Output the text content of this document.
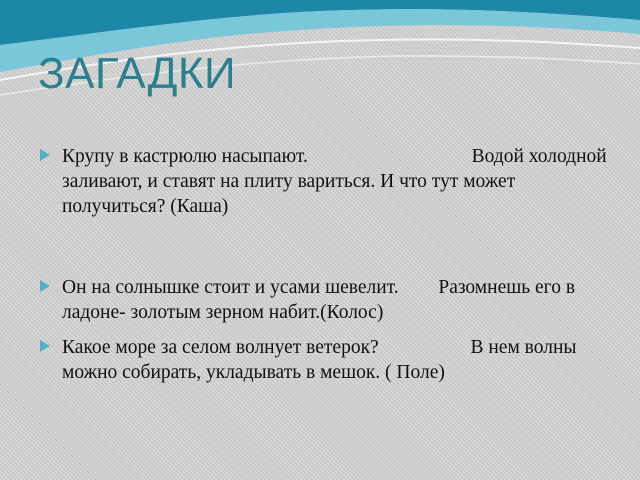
ЗАГАДКИ
Крупу в кастрюлю насыпают.	Водой холодной заливают, и ставят на плиту вариться. И что тут может получиться? (Каша)
Он на солнышке стоит и усами шевелит. Разомнешь его в ладоне- золотым зерном набит.(Колос)
Какое море за селом волнует ветерок?	В нем волны можно собирать, укладывать в мешок. ( Поле)
